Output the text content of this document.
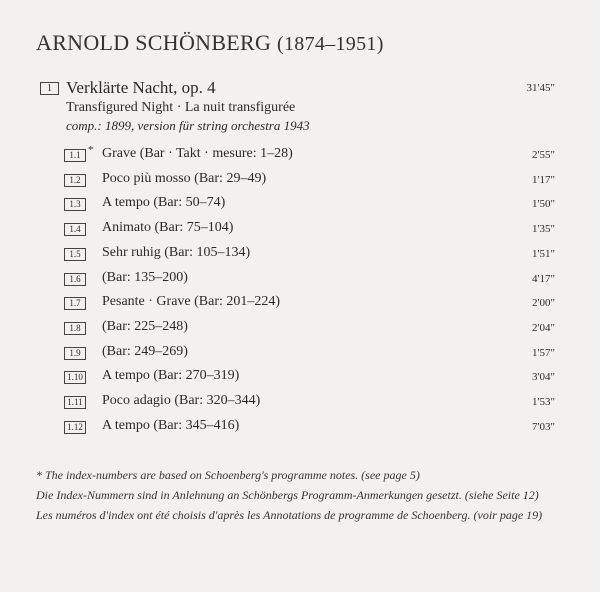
ARNOLD SCHÖNBERG (1874–1951)
1 Verklärte Nacht, op. 4
Transfigured Night · La nuit transfigurée
comp.: 1899, version für string orchestra 1943
31'45"
1.1 * Grave (Bar · Takt · mesure: 1–28)	2'55"
1.2	Poco più mosso (Bar: 29–49)	1'17"
1.3	A tempo (Bar: 50–74)	1'50"
1.4	Animato (Bar: 75–104)	1'35"
1.5	Sehr ruhig (Bar: 105–134)	1'51"
1.6	(Bar: 135–200)	4'17"
1.7	Pesante · Grave (Bar: 201–224)	2'00"
1.8	(Bar: 225–248)	2'04"
1.9	(Bar: 249–269)	1'57"
1.10 A tempo (Bar: 270–319)	3'04"
1.11 Poco adagio (Bar: 320–344)	1'53"
1.12 A tempo (Bar: 345–416)	7'03"
* The index-numbers are based on Schoenberg's programme notes. (see page 5)
Die Index-Nummern sind in Anlehnung an Schönbergs Programm-Anmerkungen gesetzt. (siehe Seite 12)
Les numéros d'index ont été choisis d'après les Annotations de programme de Schoenberg. (voir page 19)
